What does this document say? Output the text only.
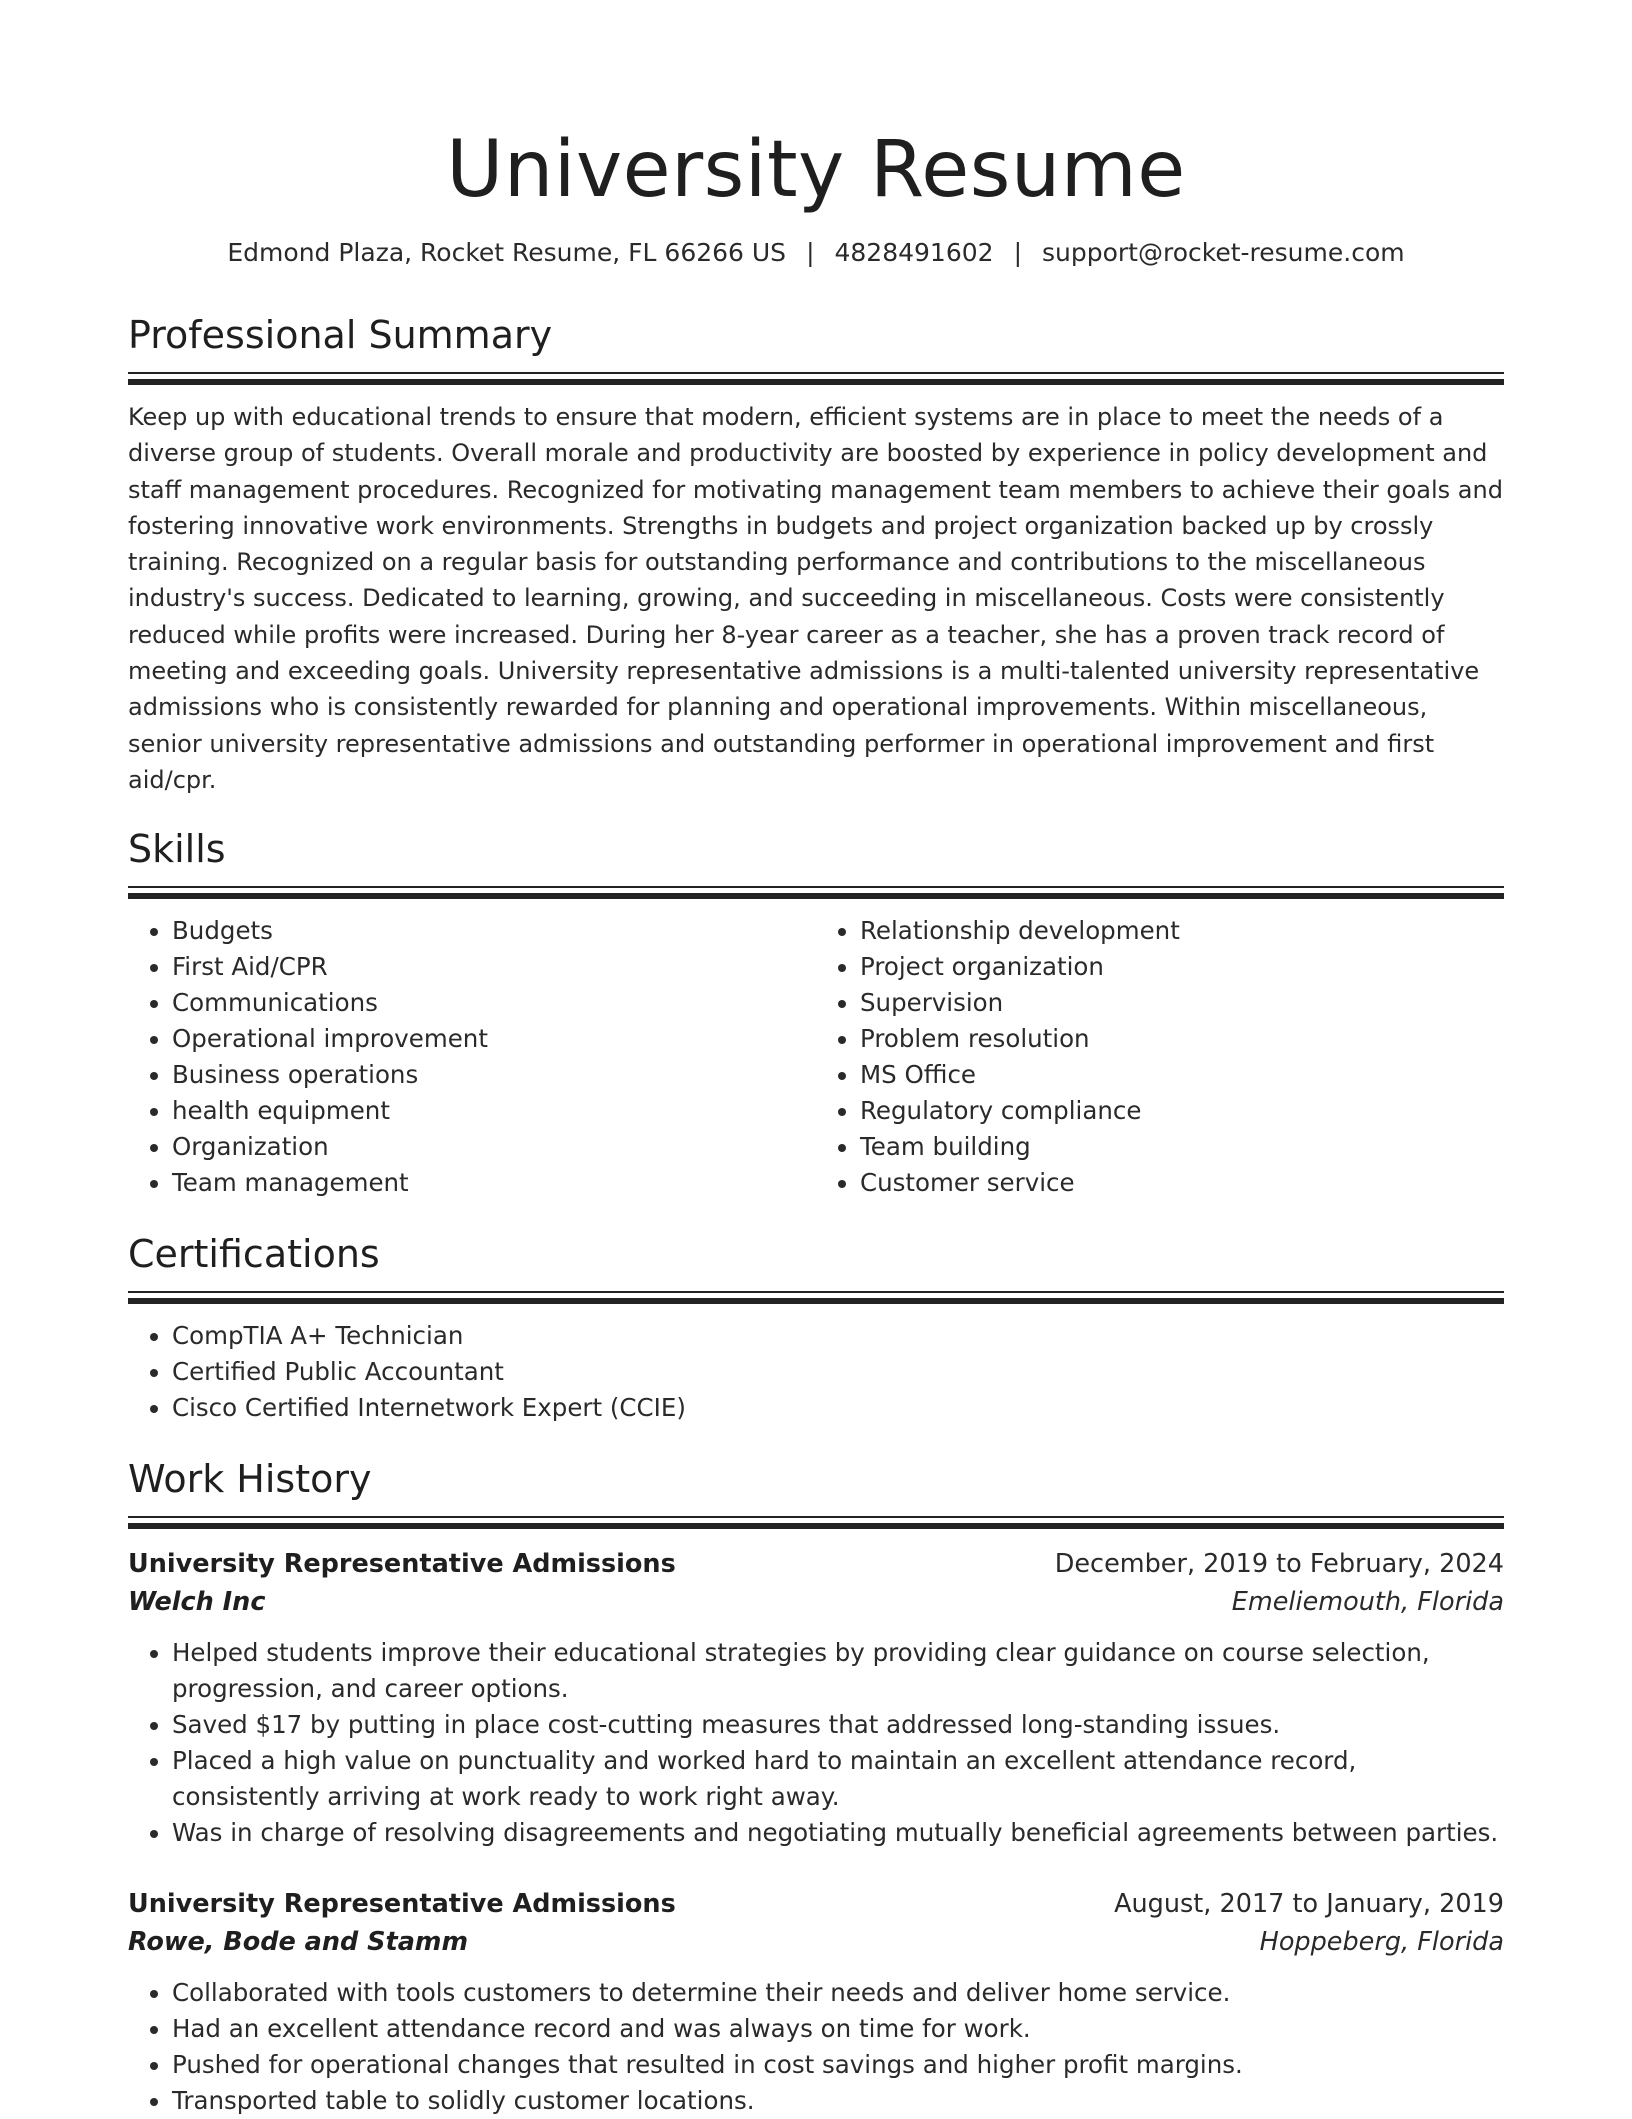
University Resume
Edmond Plaza, Rocket Resume, FL 66266 US | 4828491602 | support@rocket-resume.com
Professional Summary
Keep up with educational trends to ensure that modern, efficient systems are in place to meet the needs of a diverse group of students. Overall morale and productivity are boosted by experience in policy development and staff management procedures. Recognized for motivating management team members to achieve their goals and fostering innovative work environments. Strengths in budgets and project organization backed up by crossly training. Recognized on a regular basis for outstanding performance and contributions to the miscellaneous industry's success. Dedicated to learning, growing, and succeeding in miscellaneous. Costs were consistently reduced while profits were increased. During her 8-year career as a teacher, she has a proven track record of meeting and exceeding goals. University representative admissions is a multi-talented university representative admissions who is consistently rewarded for planning and operational improvements. Within miscellaneous, senior university representative admissions and outstanding performer in operational improvement and first aid/cpr.
Skills
• Budgets
• First Aid/CPR
• Communications
• Operational improvement
• Business operations
• health equipment
• Organization
• Team management
• Relationship development
• Project organization
• Supervision
• Problem resolution
• MS Office
• Regulatory compliance
• Team building
• Customer service
Certifications
• CompTIA A+ Technician
• Certified Public Accountant
• Cisco Certified Internetwork Expert (CCIE)
Work History
University Representative Admissions	December, 2019 to February, 2024
Welch Inc	Emeliemouth, Florida
• Helped students improve their educational strategies by providing clear guidance on course selection, progression, and career options.
• Saved $17 by putting in place cost-cutting measures that addressed long-standing issues.
• Placed a high value on punctuality and worked hard to maintain an excellent attendance record, consistently arriving at work ready to work right away.
• Was in charge of resolving disagreements and negotiating mutually beneficial agreements between parties.
University Representative Admissions	August, 2017 to January, 2019
Rowe, Bode and Stamm	Hoppeberg, Florida
• Collaborated with tools customers to determine their needs and deliver home service.
• Had an excellent attendance record and was always on time for work.
• Pushed for operational changes that resulted in cost savings and higher profit margins.
• Transported table to solidly customer locations.
